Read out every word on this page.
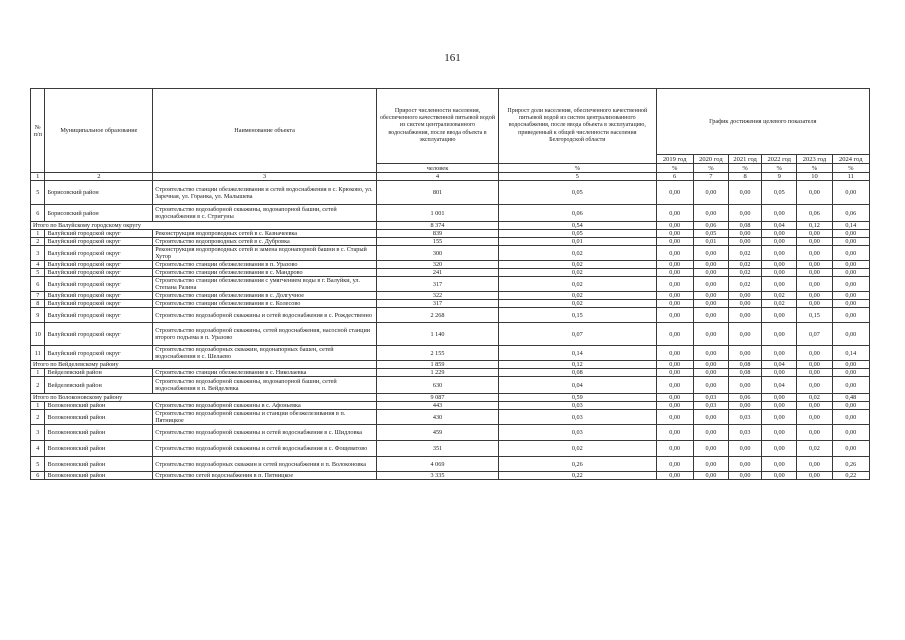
161
№ п/п	Муниципальное образование	Наименование объекта	Прирост численности населения, обеспеченного качественной питьевой водой из систем централизованного водоснабжения, после ввода объекта в эксплуатацию	Прирост доли населения, обеспеченного качественной питьевой водой из систем централизованного водоснабжения, после ввода объекта в эксплуатацию, приведенный к общей численности населения Белгородской области	График достижения целевого показателя					
					2019 год	2020 год	2021 год	2022 год	2023 год	2024 год
			человек	%	%	%	%	%	%	%
1	2	3	4	5	6	7	8	9	10	11
5	Борисовский район	Строительство станции обезжелезивания и сетей водоснабжения в с. Крюково, ул. Заречная, ул. Горанка, ул. Малышева	801	0,05	0,00	0,00	0,00	0,05	0,00	0,00
6	Борисовский район	Строительство водозаборной скважины, водонапорной башни, сетей водоснабжения в с. Стригуны	1 001	0,06	0,00	0,00	0,00	0,00	0,06	0,06
Итого по Валуйскому городскому округу			8 374	0,54	0,00	0,06	0,08	0,04	0,12	0,14
1	Валуйский городской округ	Реконструкция водопроводных сетей в с. Казначеевка	839	0,05	0,00	0,05	0,00	0,00	0,00	0,00
2	Валуйский городской округ	Строительство водопроводных сетей в с. Дубровка	155	0,01	0,00	0,01	0,00	0,00	0,00	0,00
3	Валуйский городской округ	Реконструкция водопроводных сетей и замена водонапорной башни в с. Старый Хутор	300	0,02	0,00	0,00	0,02	0,00	0,00	0,00
4	Валуйский городской округ	Строительство станции обезжелезивания в п. Уразово	320	0,02	0,00	0,00	0,02	0,00	0,00	0,00
5	Валуйский городской округ	Строительство станции обезжелезивания в с. Мандрово	241	0,02	0,00	0,00	0,02	0,00	0,00	0,00
6	Валуйский городской округ	Строительство станции обезжелезивания с умягчением воды в г. Валуйки, ул. Степана Разина	317	0,02	0,00	0,00	0,02	0,00	0,00	0,00
7	Валуйский городской округ	Строительство станции обезжелезивания в с. Долгучное	322	0,02	0,00	0,00	0,00	0,02	0,00	0,00
8	Валуйский городской округ	Строительство станции обезжелезивания в с. Колесово	317	0,02	0,00	0,00	0,00	0,02	0,00	0,00
9	Валуйский городской округ	Строительство водозаборной скважины и сетей водоснабжения в с. Рождественно	2 268	0,15	0,00	0,00	0,00	0,00	0,15	0,00
10	Валуйский городской округ	Строительство водозаборной скважины, сетей водоснабжения, насосной станции второго подъема в п. Уразово	1 140	0,07	0,00	0,00	0,00	0,00	0,07	0,00
11	Валуйский городской округ	Строительство водозаборных скважин, водонапорных башен, сетей водоснабжения в с. Шелаево	2 155	0,14	0,00	0,00	0,00	0,00	0,00	0,14
Итого по Вейделевскому району			1 859	0,12	0,00	0,00	0,08	0,04	0,00	0,00
1	Вейделевский район	Строительство станции обезжелезивания в с. Николаевка	1 229	0,08	0,00	0,00	0,08	0,00	0,00	0,00
2	Вейделевский район	Строительство водозаборной скважины, водонапорной башни, сетей водоснабжения в п. Вейделевка	630	0,04	0,00	0,00	0,00	0,04	0,00	0,00
Итого по Волоконовскому району			9 087	0,59	0,00	0,03	0,06	0,00	0,02	0,48
1	Волоконовский район	Строительство водозаборной скважины в с. Афоньевка	443	0,03	0,00	0,03	0,00	0,00	0,00	0,00
2	Волоконовский район	Строительство водозаборной скважины и станции обезжелезивания в п. Пятницкое	430	0,03	0,00	0,00	0,03	0,00	0,00	0,00
3	Волоконовский район	Строительство водозаборной скважины и сетей водоснабжения в с. Шидловка	459	0,03	0,00	0,00	0,03	0,00	0,00	0,00
4	Волоконовский район	Строительство водозаборной скважины и сетей водоснабжения в с. Фощеватово	351	0,02	0,00	0,00	0,00	0,00	0,02	0,00
5	Волоконовский район	Строительство водозаборных скважин и сетей водоснабжения в п. Волоконовка	4 069	0,26	0,00	0,00	0,00	0,00	0,00	0,26
6	Волоконовский район	Строительство сетей водоснабжения в п. Пятницкое	3 335	0,22	0,00	0,00	0,00	0,00	0,00	0,22
